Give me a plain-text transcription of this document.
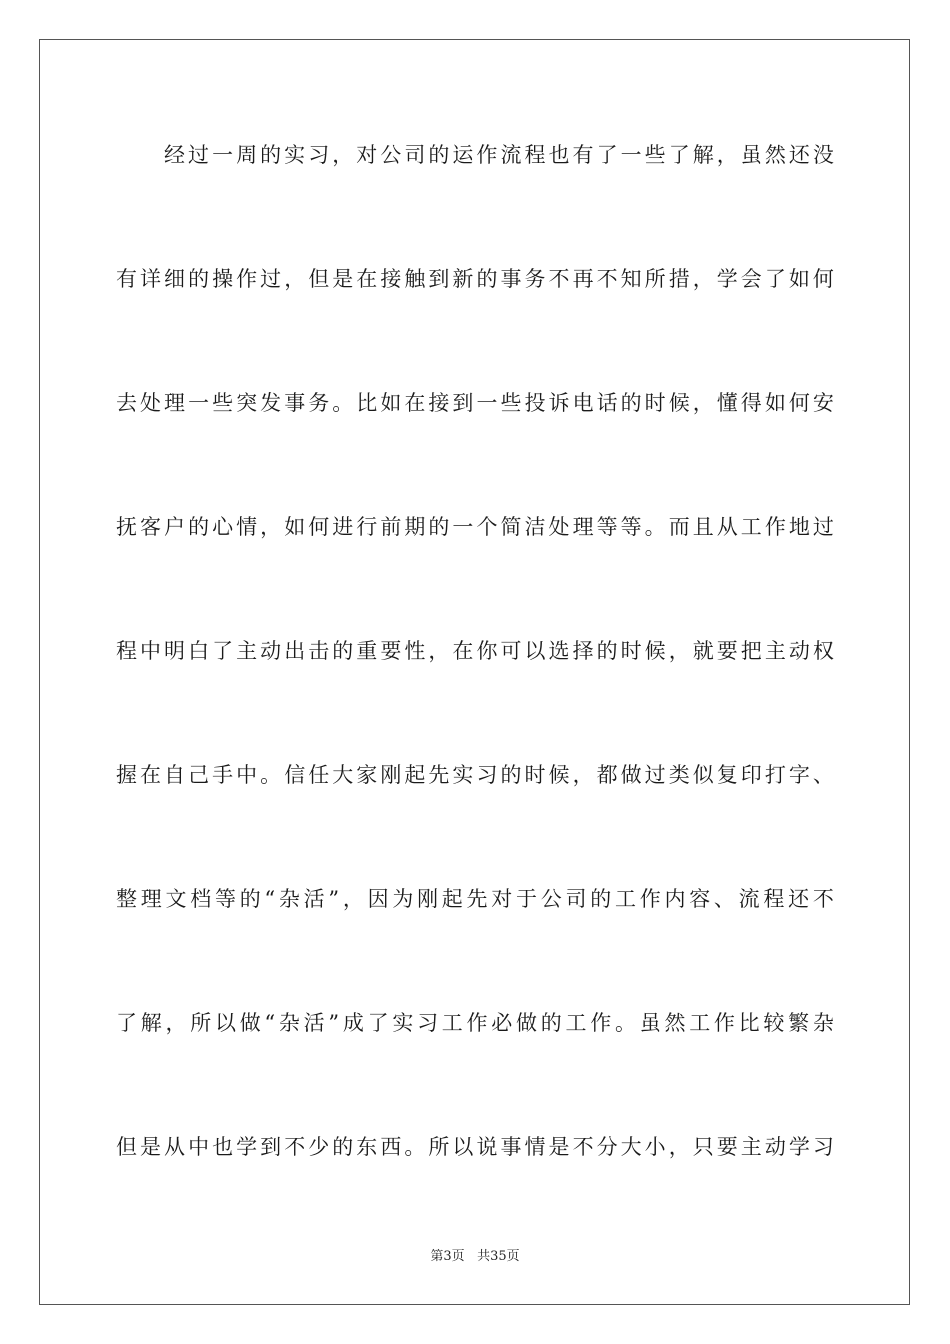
经过一周的实习，对公司的运作流程也有了一些了解，虽然还没
有详细的操作过，但是在接触到新的事务不再不知所措，学会了如何
去处理一些突发事务。比如在接到一些投诉电话的时候，懂得如何安
抚客户的心情，如何进行前期的一个简洁处理等等。而且从工作地过
程中明白了主动出击的重要性，在你可以选择的时候，就要把主动权
握在自己手中。信任大家刚起先实习的时候，都做过类似复印打字、
整理文档等的“杂活”，因为刚起先对于公司的工作内容、流程还不
了解，所以做“杂活”成了实习工作必做的工作。虽然工作比较繁杂
但是从中也学到不少的东西。所以说事情是不分大小，只要主动学习
第3页 共35页
